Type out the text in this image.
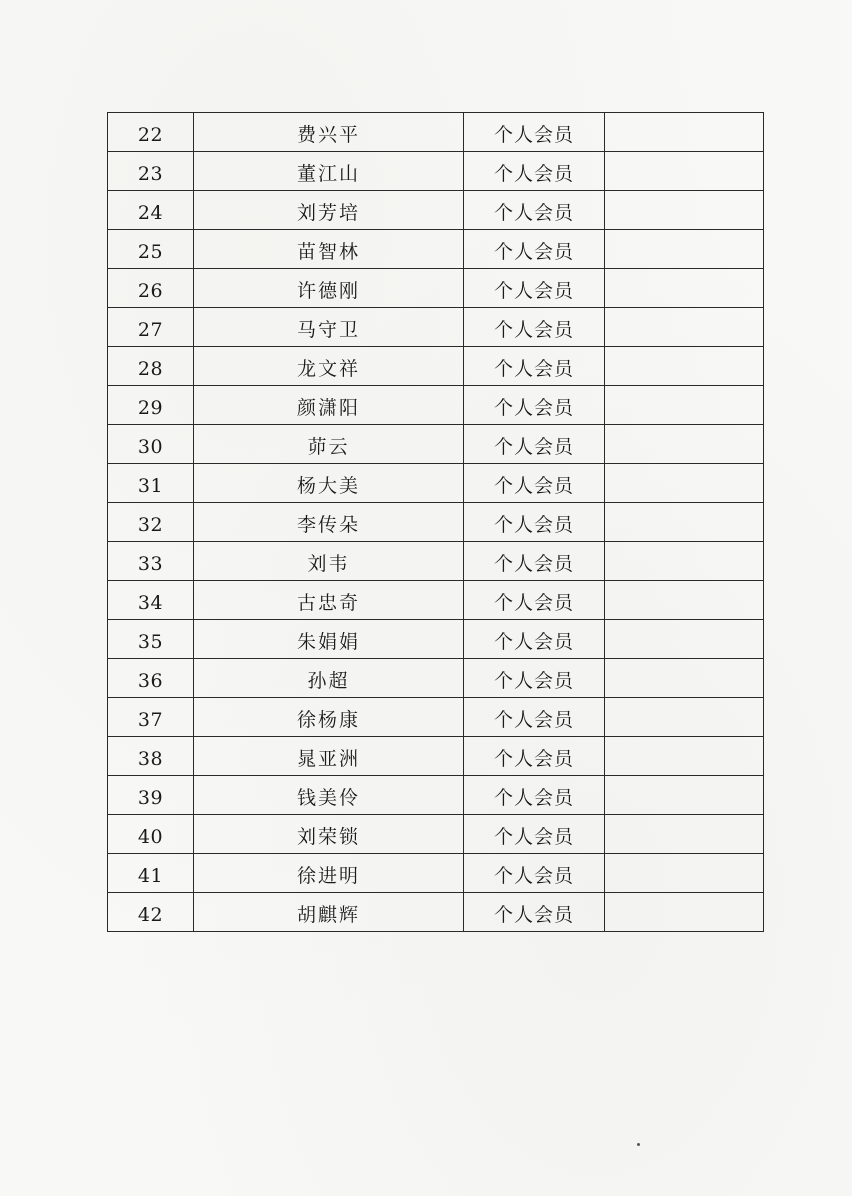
22	费兴平	个人会员	
23	董江山	个人会员	
24	刘芳培	个人会员	
25	苗智林	个人会员	
26	许德刚	个人会员	
27	马守卫	个人会员	
28	龙文祥	个人会员	
29	颜潇阳	个人会员	
30	茆云	个人会员	
31	杨大美	个人会员	
32	李传朵	个人会员	
33	刘韦	个人会员	
34	古忠奇	个人会员	
35	朱娟娟	个人会员	
36	孙超	个人会员	
37	徐杨康	个人会员	
38	晁亚洲	个人会员	
39	钱美伶	个人会员	
40	刘荣锁	个人会员	
41	徐进明	个人会员	
42	胡麒辉	个人会员	
